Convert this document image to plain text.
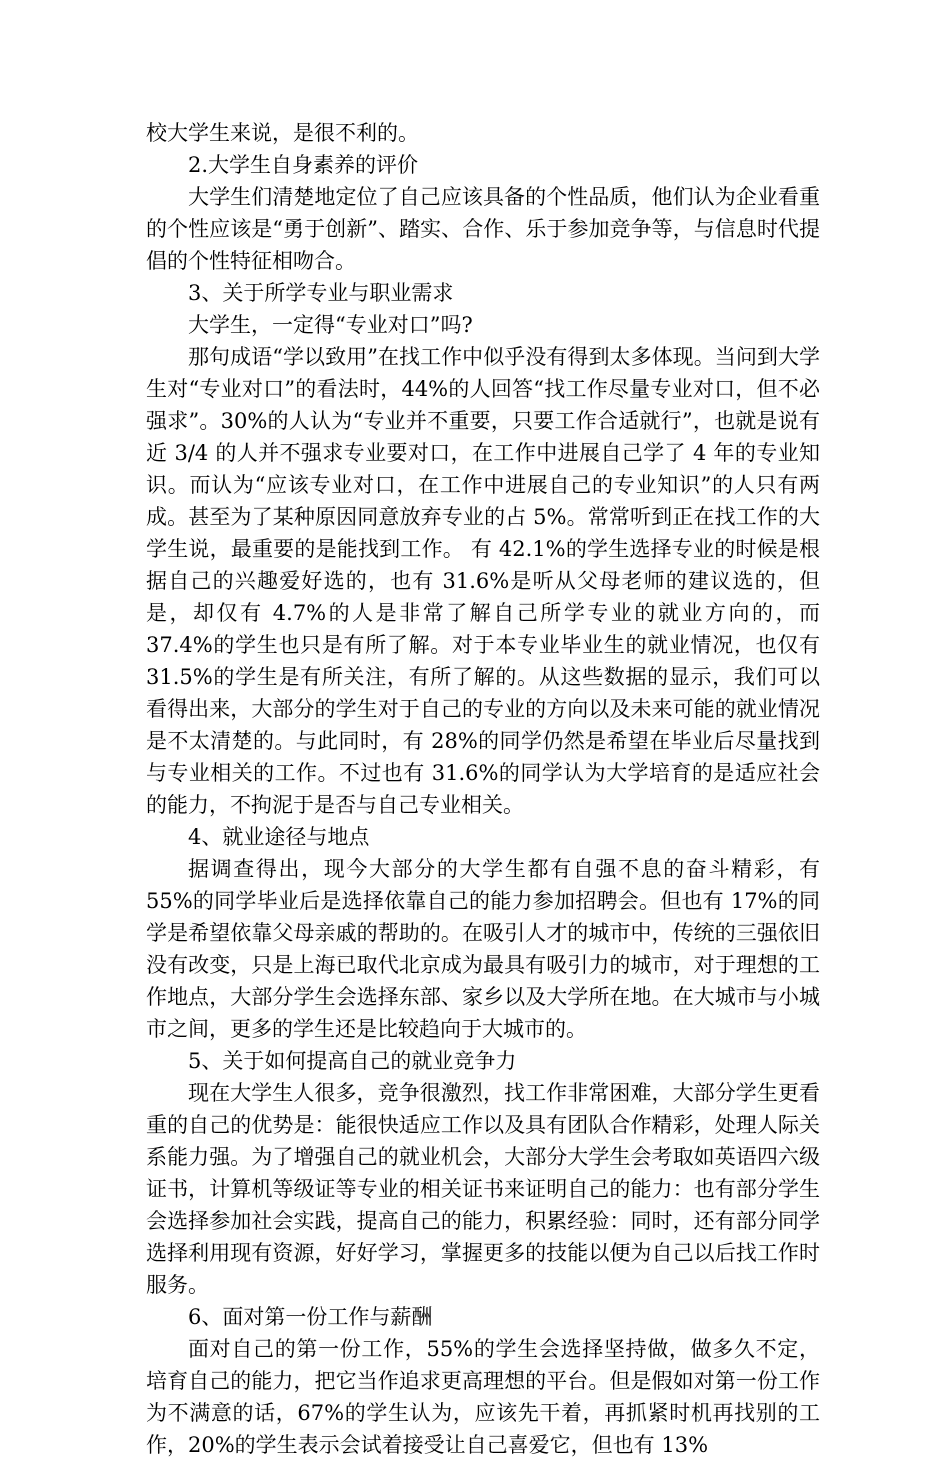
校大学生来说，是很不利的。

2.大学生自身素养的评价

大学生们清楚地定位了自己应该具备的个性品质，他们认为企业看重的个性应该是“勇于创新”、踏实、合作、乐于参加竞争等，与信息时代提倡的个性特征相吻合。

3、关于所学专业与职业需求

大学生，一定得“专业对口”吗?

那句成语“学以致用”在找工作中似乎没有得到太多体现。当问到大学生对“专业对口”的看法时，44%的人回答“找工作尽量专业对口，但不必强求”。30%的人认为“专业并不重要，只要工作合适就行”，也就是说有近 3/4 的人并不强求专业要对口，在工作中进展自己学了 4 年的专业知识。而认为“应该专业对口，在工作中进展自己的专业知识”的人只有两成。甚至为了某种原因同意放弃专业的占 5%。常常听到正在找工作的大学生说，最重要的是能找到工作。 有 42.1%的学生选择专业的时候是根据自己的兴趣爱好选的，也有 31.6%是听从父母老师的建议选的，但是，却仅有 4.7%的人是非常了解自己所学专业的就业方向的，而 37.4%的学生也只是有所了解。对于本专业毕业生的就业情况，也仅有 31.5%的学生是有所关注，有所了解的。从这些数据的显示，我们可以看得出来，大部分的学生对于自己的专业的方向以及未来可能的就业情况是不太清楚的。与此同时，有 28%的同学仍然是希望在毕业后尽量找到与专业相关的工作。不过也有 31.6%的同学认为大学培育的是适应社会的能力，不拘泥于是否与自己专业相关。

4、就业途径与地点

据调查得出，现今大部分的大学生都有自强不息的奋斗精彩，有 55%的同学毕业后是选择依靠自己的能力参加招聘会。但也有 17%的同学是希望依靠父母亲戚的帮助的。在吸引人才的城市中，传统的三强依旧没有改变，只是上海已取代北京成为最具有吸引力的城市，对于理想的工作地点，大部分学生会选择东部、家乡以及大学所在地。在大城市与小城市之间，更多的学生还是比较趋向于大城市的。

5、关于如何提高自己的就业竞争力

现在大学生人很多，竞争很激烈，找工作非常困难，大部分学生更看重的自己的优势是：能很快适应工作以及具有团队合作精彩，处理人际关系能力强。为了增强自己的就业机会，大部分大学生会考取如英语四六级证书，计算机等级证等专业的相关证书来证明自己的能力：也有部分学生会选择参加社会实践，提高自己的能力，积累经验：同时，还有部分同学选择利用现有资源，好好学习，掌握更多的技能以便为自己以后找工作时服务。

6、面对第一份工作与薪酬

面对自己的第一份工作，55%的学生会选择坚持做，做多久不定，培育自己的能力，把它当作追求更高理想的平台。但是假如对第一份工作为不满意的话，67%的学生认为，应该先干着，再抓紧时机再找别的工作，20%的学生表示会试着接受让自己喜爱它，但也有 13%
